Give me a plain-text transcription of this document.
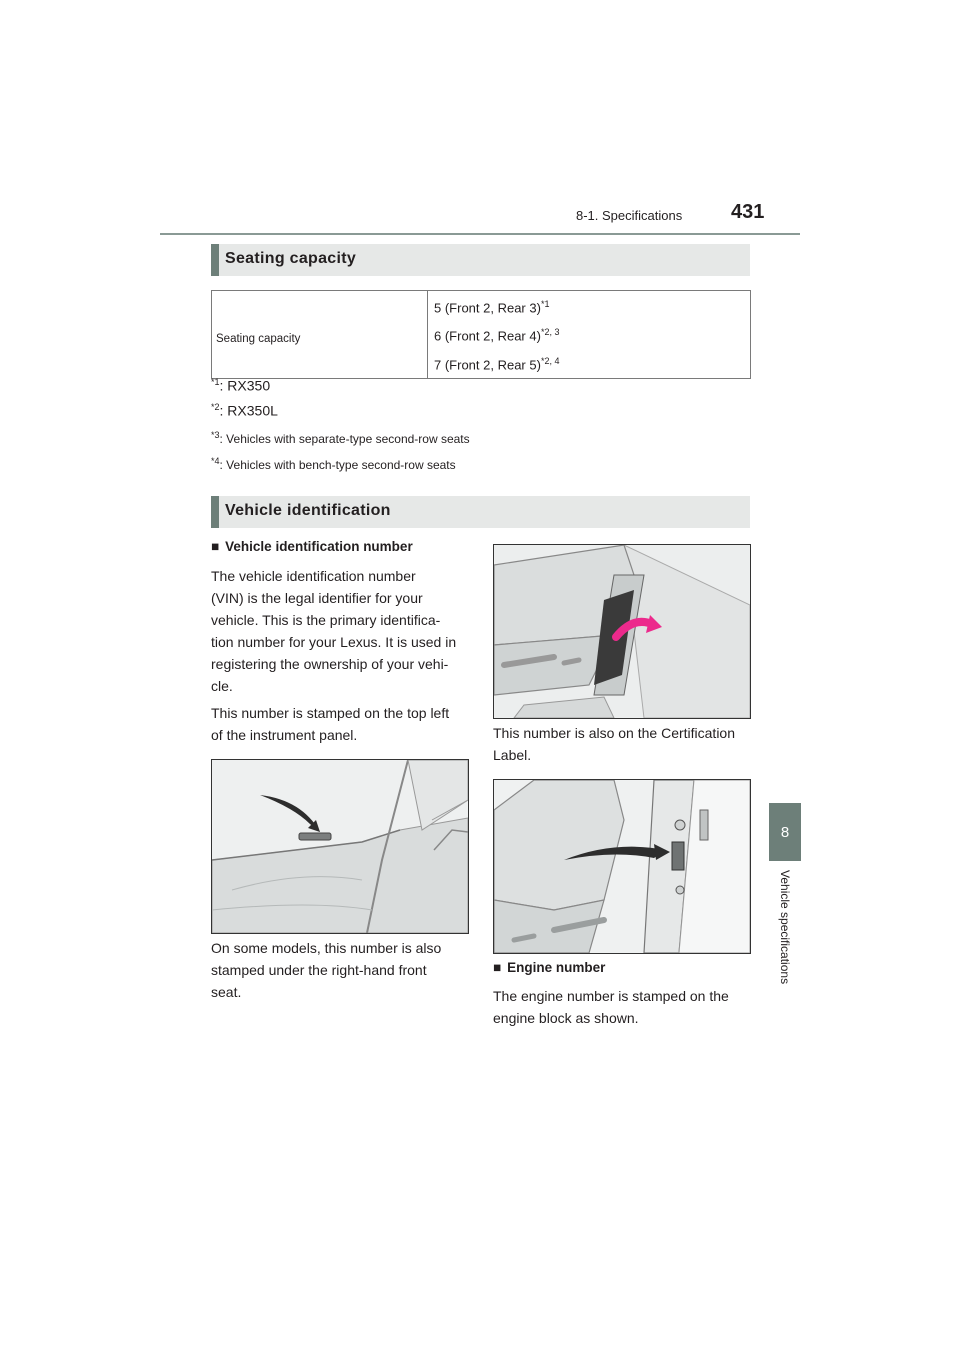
8-1. Specifications 431
8
Vehicle specifications
Seating capacity
Seating capacity	
5 (Front 2, Rear 3)$^{*1}$
6 (Front 2, Rear 4)$^{*2, 3}$
7 (Front 2, Rear 5)$^{*2, 4}$
$^{*1}$: RX350
$^{*2}$: RX350L
$^{*3}$: Vehicles with separate-type second-row seats
$^{*4}$: Vehicles with bench-type second-row seats
Vehicle identification
■ Vehicle identification number
The vehicle identification number
(VIN) is the legal identifier for your
vehicle. This is the primary identifica-
tion number for your Lexus. It is used in
registering the ownership of your vehi-
cle.
This number is stamped on the top left
of the instrument panel.
On some models, this number is also
stamped under the right-hand front
seat.
This number is also on the Certification
Label.
■ Engine number
The engine number is stamped on the
engine block as shown.
